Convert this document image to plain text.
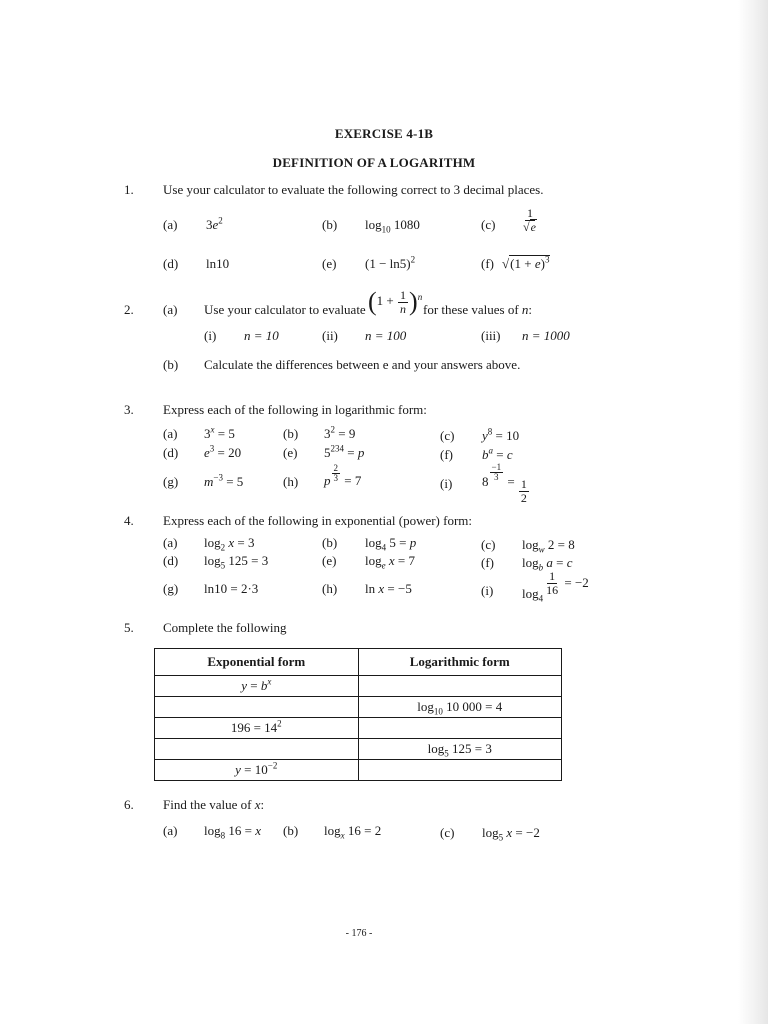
EXERCISE 4-1B
DEFINITION OF A LOGARITHM
1. Use your calculator to evaluate the following correct to 3 decimal places.
(a) $3e^2$	(b) $\log_{10} 1080$	$(c) \frac{1}{√e}$
(d) ln10	(e) $(1 - \ln 5)^2$	(f) $√(1 + e)^3$
2. (a) Use your calculator to evaluate $(1 + \frac{1}{n} )^n$
for these values of n:
(i) n = 10	(ii) n = 100	(iii) n = 1000
(b) Calculate the differences between e and your answers above.
3. Express each of the following in logarithmic form:
(a) $3^x = 5$	(b) $3^2 = 9$	(c) $y^8 = 10$
(d) $e^3 = 20$	(e) $5^{234} = p$	(f) $b^a = c$
(g) $m^{-3} = 5$	(h) p $\frac{2}{3} = 7$	(i) $8 \frac{-1}{3} = \frac{1}{2}$
4. Express each of the following in exponential (power) form:
(a) $\log_2 x = 3$	(b) $\log_4 5 = p$	(c) $\log_w 2 = 8$
(d) $\log_5 125 = 3$	(e) $\log_e x = 7$	(f) $\log_b a = c$
(g) ln10 = 2·3	(h) ln x = −5	(i) $\log_4$
$\frac{1}{16} = -2$
5. Complete the following
Exponential form	Logarithmic form
$y = b^x$	
	$\log_{10} 10$ 000 = 4
$196 = 14^2$	
	$\log_5 125 = 3$
$y = 10^{-2}$	
6. Find the value of x:
(a) $\log_8 16 = x$ (b) $\log_x 16 = 2$	(c) $\log_5 x = -2$
- 176 -
